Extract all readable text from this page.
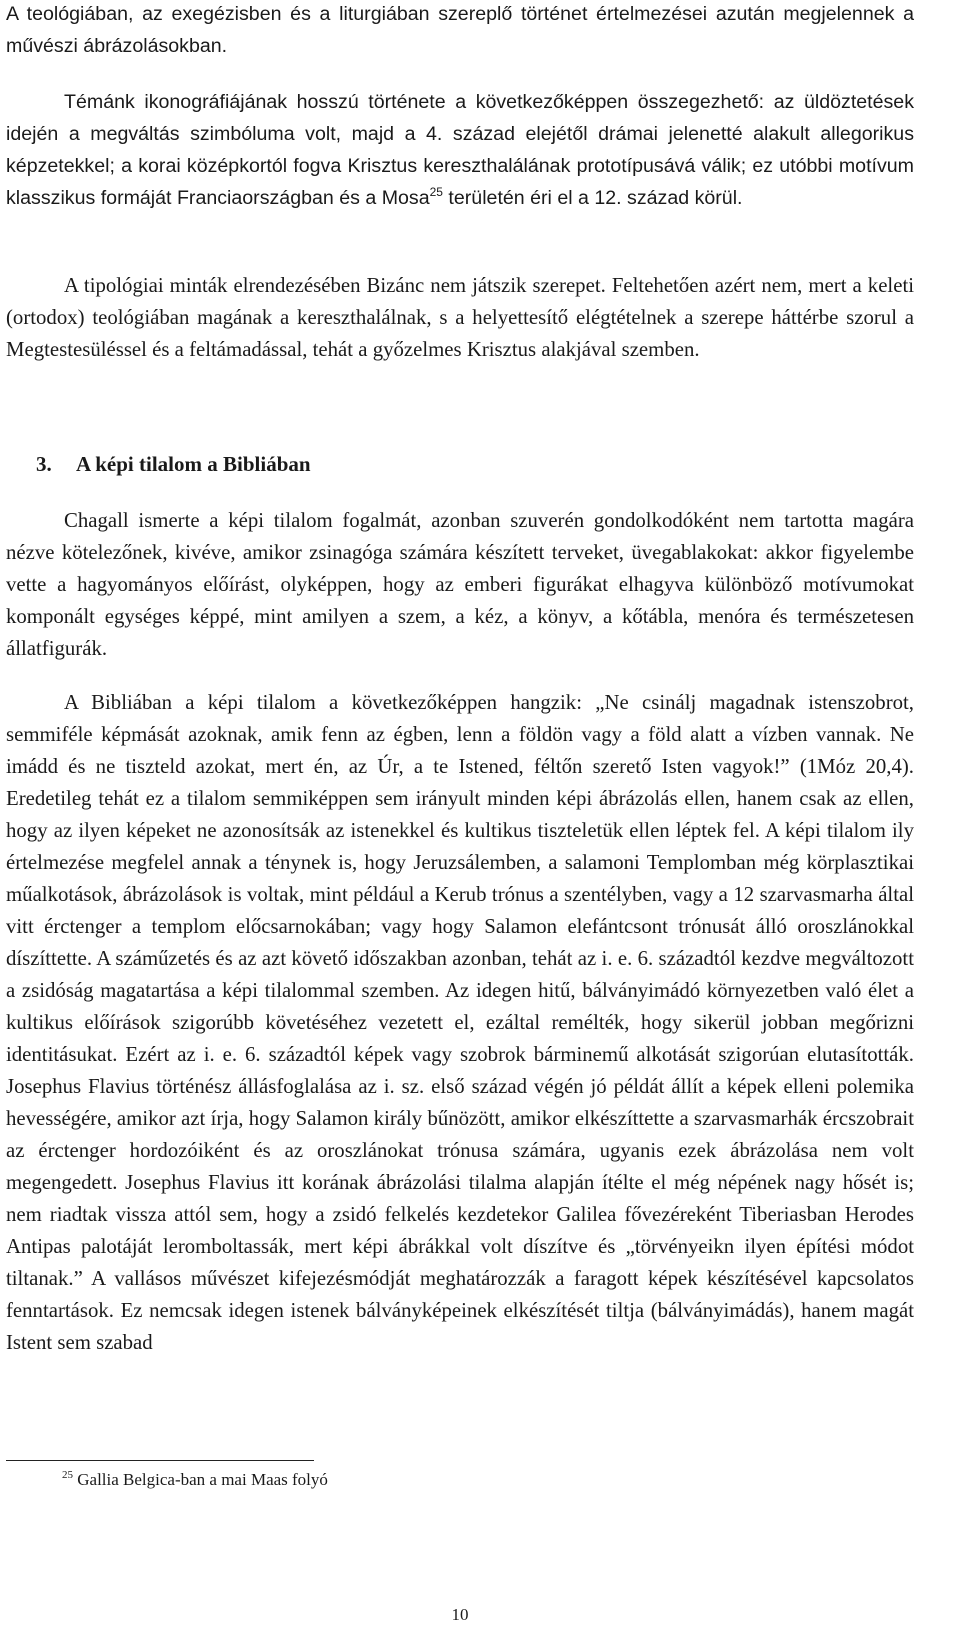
A teológiában, az exegézisben és a liturgiában szereplő történet értelmezései azután megjelennek a művészi ábrázolásokban.

Témánk ikonográfiájának hosszú története a következőképpen összegezhető: az üldöztetések idején a megváltás szimbóluma volt, majd a 4. század elejétől drámai jelenetté alakult allegorikus képzetekkel; a korai középkortól fogva Krisztus kereszthalálának prototípusává válik; ez utóbbi motívum klasszikus formáját Franciaországban és a Mosa$^{25}$ területén éri el a 12. század körül.

A tipológiai minták elrendezésében Bizánc nem játszik szerepet. Feltehetően azért nem, mert a keleti (ortodox) teológiában magának a kereszthalálnak, s a helyettesítő elégtételnek a szerepe háttérbe szorul a Megtestesüléssel és a feltámadással, tehát a győzelmes Krisztus alakjával szemben.

3. A képi tilalom a Bibliában

Chagall ismerte a képi tilalom fogalmát, azonban szuverén gondolkodóként nem tartotta magára nézve kötelezőnek, kivéve, amikor zsinagóga számára készített terveket, üvegablakokat: akkor figyelembe vette a hagyományos előírást, olyképpen, hogy az emberi figurákat elhagyva különböző motívumokat komponált egységes képpé, mint amilyen a szem, a kéz, a könyv, a kőtábla, menóra és természetesen állatfigurák.

A Bibliában a képi tilalom a következőképpen hangzik: „Ne csinálj magadnak istenszobrot, semmiféle képmását azoknak, amik fenn az égben, lenn a földön vagy a föld alatt a vízben vannak. Ne imádd és ne tiszteld azokat, mert én, az Úr, a te Istened, féltőn szerető Isten vagyok!” (1Móz 20,4). Eredetileg tehát ez a tilalom semmiképpen sem irányult minden képi ábrázolás ellen, hanem csak az ellen, hogy az ilyen képeket ne azonosítsák az istenekkel és kultikus tiszteletük ellen léptek fel. A képi tilalom ily értelmezése megfelel annak a ténynek is, hogy Jeruzsálemben, a salamoni Templomban még körplasztikai műalkotások, ábrázolások is voltak, mint például a Kerub trónus a szentélyben, vagy a 12 szarvasmarha által vitt érctenger a templom előcsarnokában; vagy hogy Salamon elefántcsont trónusát álló oroszlánokkal díszíttette. A száműzetés és az azt követő időszakban azonban, tehát az i. e. 6. századtól kezdve megváltozott a zsidóság magatartása a képi tilalommal szemben. Az idegen hitű, bálványimádó környezetben való élet a kultikus előírások szigorúbb követéséhez vezetett el, ezáltal remélték, hogy sikerül jobban megőrizni identitásukat. Ezért az i. e. 6. századtól képek vagy szobrok bárminemű alkotását szigorúan elutasították. Josephus Flavius történész állásfoglalása az i. sz. első század végén jó példát állít a képek elleni polemika hevességére, amikor azt írja, hogy Salamon király bűnözött, amikor elkészíttette a szarvasmarhák ércszobrait az érctenger hordozóiként és az oroszlánokat trónusa számára, ugyanis ezek ábrázolása nem volt megengedett. Josephus Flavius itt korának ábrázolási tilalma alapján ítélte el még népének nagy hősét is; nem riadtak vissza attól sem, hogy a zsidó felkelés kezdetekor Galilea fővezéreként Tiberiasban Herodes Antipas palotáját leromboltassák, mert képi ábrákkal volt díszítve és „törvényeikn ilyen építési módot tiltanak.” A vallásos művészet kifejezésmódját meghatározzák a faragott képek készítésével kapcsolatos fenntartások. Ez nemcsak idegen istenek bálványképeinek elkészítését tiltja (bálványimádás), hanem magát Istent sem szabad

$^{25}$ Gallia Belgica-ban a mai Maas folyó

10
